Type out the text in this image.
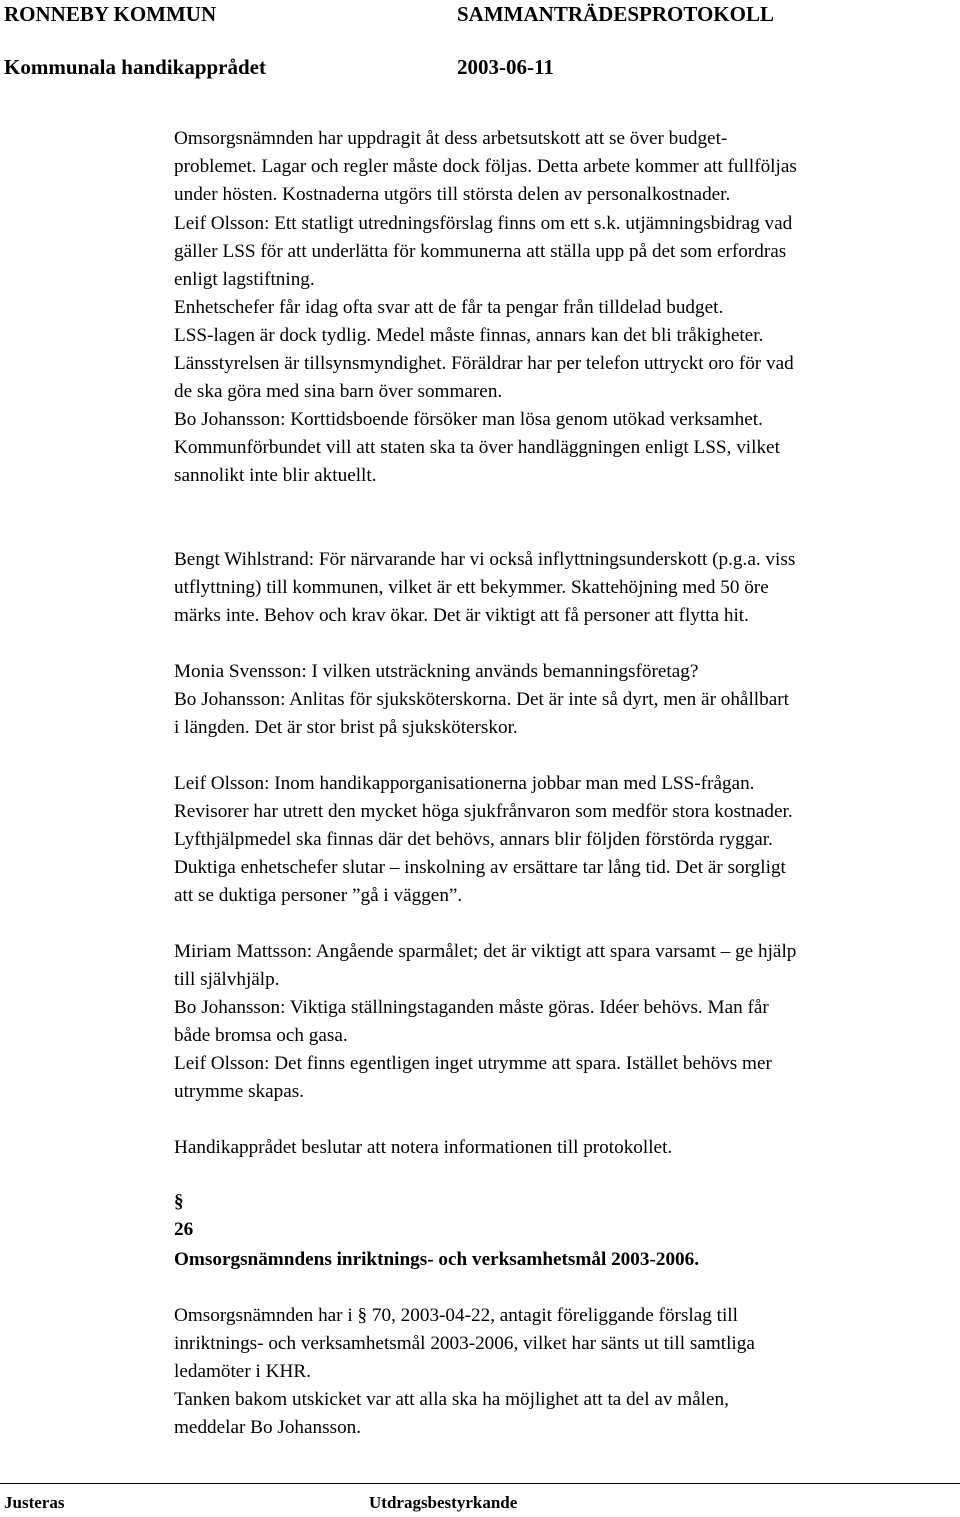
RONNEBY KOMMUN	SAMMANTRÄDESPROTOKOLL
Kommunala handikapprådet	2003-06-11
Omsorgsnämnden har uppdragit åt dess arbetsutskott att se över budget-
problemet. Lagar och regler måste dock följas. Detta arbete kommer att fullföljas
under hösten. Kostnaderna utgörs till största delen av personalkostnader.
Leif Olsson: Ett statligt utredningsförslag finns om ett s.k. utjämningsbidrag vad
gäller LSS för att underlätta för kommunerna att ställa upp på det som erfordras
enligt lagstiftning.
Enhetschefer får idag ofta svar att de får ta pengar från tilldelad budget.
LSS-lagen är dock tydlig. Medel måste finnas, annars kan det bli tråkigheter.
Länsstyrelsen är tillsynsmyndighet. Föräldrar har per telefon uttryckt oro för vad
de ska göra med sina barn över sommaren.
Bo Johansson: Korttidsboende försöker man lösa genom utökad verksamhet.
Kommunförbundet vill att staten ska ta över handläggningen enligt LSS, vilket
sannolikt inte blir aktuellt.
Bengt Wihlstrand: För närvarande har vi också inflyttningsunderskott (p.g.a. viss
utflyttning) till kommunen, vilket är ett bekymmer. Skattehöjning med 50 öre
märks inte. Behov och krav ökar. Det är viktigt att få personer att flytta hit.
Monia Svensson: I vilken utsträckning används bemanningsföretag?
Bo Johansson: Anlitas för sjuksköterskorna. Det är inte så dyrt, men är ohållbart
i längden. Det är stor brist på sjuksköterskor.
Leif Olsson: Inom handikapporganisationerna jobbar man med LSS-frågan.
Revisorer har utrett den mycket höga sjukfrånvaron som medför stora kostnader.
Lyfthjälpmedel ska finnas där det behövs, annars blir följden förstörda ryggar.
Duktiga enhetschefer slutar – inskolning av ersättare tar lång tid. Det är sorgligt
att se duktiga personer ”gå i väggen”.
Miriam Mattsson: Angående sparmålet; det är viktigt att spara varsamt – ge hjälp
till självhjälp.
Bo Johansson: Viktiga ställningstaganden måste göras. Idéer behövs. Man får
både bromsa och gasa.
Leif Olsson: Det finns egentligen inget utrymme att spara. Istället behövs mer
utrymme skapas.
Handikapprådet beslutar att notera informationen till protokollet.
§
26
Omsorgsnämndens inriktnings- och verksamhetsmål 2003-2006.
Omsorgsnämnden har i § 70, 2003-04-22, antagit föreliggande förslag till
inriktnings- och verksamhetsmål 2003-2006, vilket har sänts ut till samtliga
ledamöter i KHR.
Tanken bakom utskicket var att alla ska ha möjlighet att ta del av målen,
meddelar Bo Johansson.
Justeras	Utdragsbestyrkande
